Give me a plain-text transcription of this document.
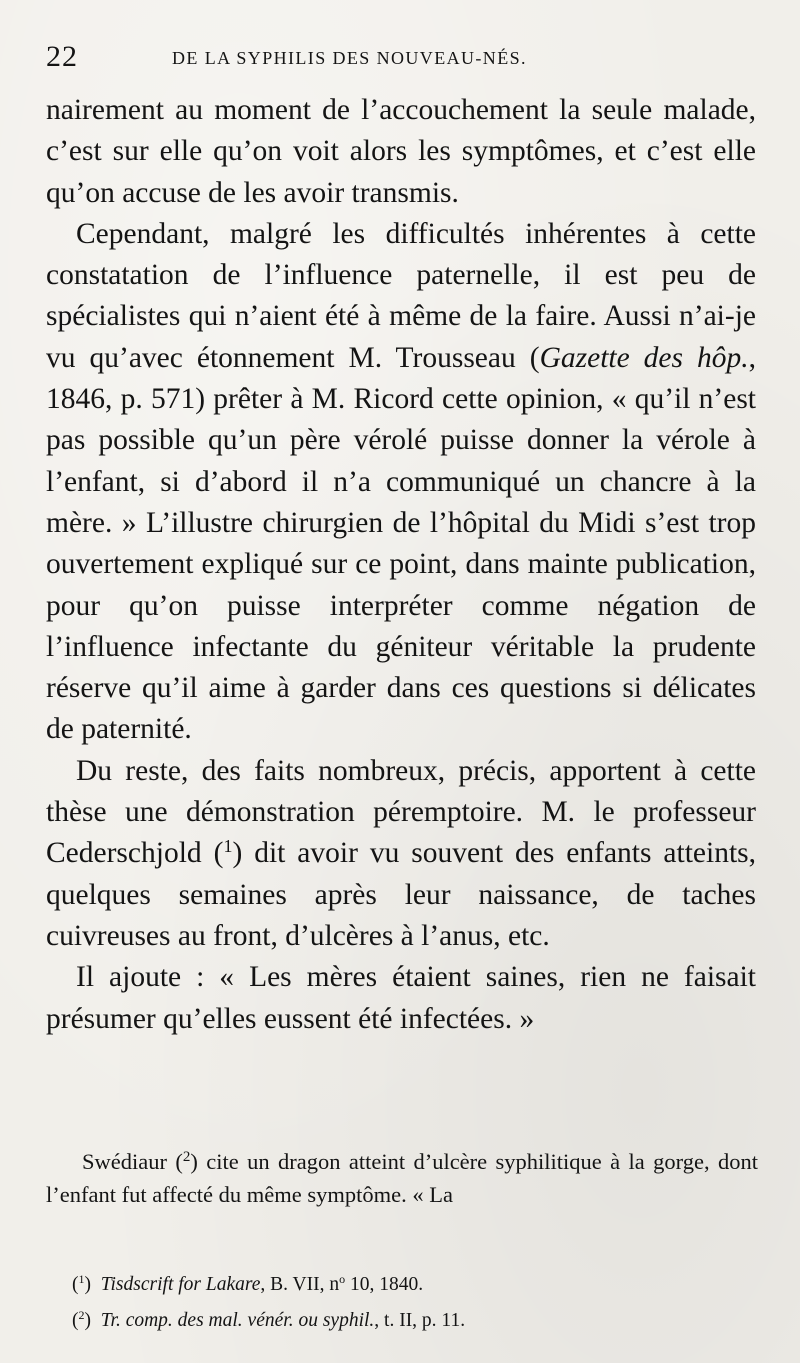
22	DE LA SYPHILIS DES NOUVEAU-NÉS.

nairement au moment de l’accouchement la seule malade, c’est sur elle qu’on voit alors les symptômes, et c’est elle qu’on accuse de les avoir transmis.

Cependant, malgré les difficultés inhérentes à cette constatation de l’influence paternelle, il est peu de spécialistes qui n’aient été à même de la faire. Aussi n’ai-je vu qu’avec étonnement M. Trousseau (Gazette des hôp., 1846, p. 571) prêter à M. Ricord cette opinion, « qu’il n’est pas possible qu’un père vérolé puisse donner la vérole à l’enfant, si d’abord il n’a communiqué un chancre à la mère. » L’illustre chirurgien de l’hôpital du Midi s’est trop ouvertement expliqué sur ce point, dans mainte publication, pour qu’on puisse interpréter comme négation de l’influence infectante du géniteur véritable la prudente réserve qu’il aime à garder dans ces questions si délicates de paternité.

Du reste, des faits nombreux, précis, apportent à cette thèse une démonstration péremptoire. M. le professeur Cederschjold ($^1$) dit avoir vu souvent des enfants atteints, quelques semaines après leur naissance, de taches cuivreuses au front, d’ulcères à l’anus, etc.

Il ajoute : « Les mères étaient saines, rien ne faisait présumer qu’elles eussent été infectées. »

Swédiaur ($^2$) cite un dragon atteint d’ulcère syphilitique à la gorge, dont l’enfant fut affecté du même symptôme. « La

($^1$)  Tisdscrift for Lakare, B. VII, $n^o$ 10, 1840.
($^2$)  Tr. comp. des mal. vénér. ou syphil., t. II, p. 11.
